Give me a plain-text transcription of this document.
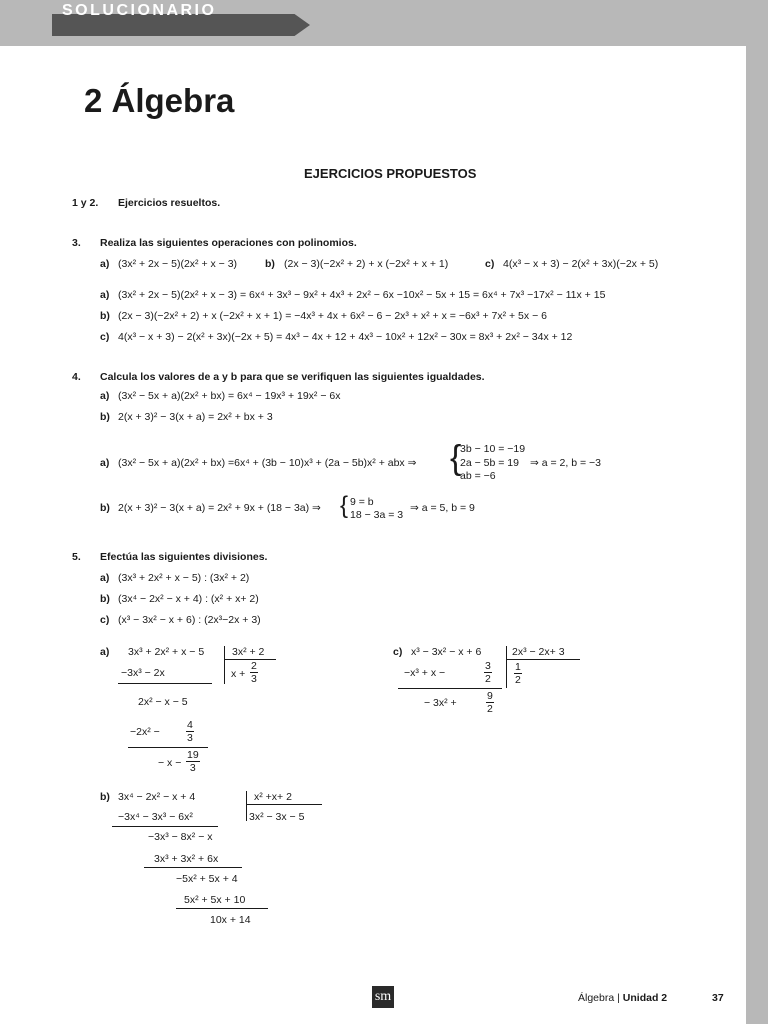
SOLUCIONARIO
2 Álgebra
EJERCICIOS PROPUESTOS
1 y 2. Ejercicios resueltos.
3. Realiza las siguientes operaciones con polinomios.
a) (3x² + 2x − 5)(2x² + x − 3)	b) (2x − 3)(−2x² + 2) + x (−2x² + x + 1)	c) 4(x³ − x + 3) − 2(x² + 3x)(−2x + 5)
a) (3x² + 2x − 5)(2x² + x − 3) = 6x⁴ + 3x³ − 9x² + 4x³ + 2x² − 6x −10x² − 5x + 15 = 6x⁴ + 7x³ −17x² − 11x + 15
b) (2x − 3)(−2x² + 2) + x (−2x² + x + 1) = −4x³ + 4x + 6x² − 6 − 2x³ + x² + x = −6x³ + 7x² + 5x − 6
c) 4(x³ − x + 3) − 2(x² + 3x)(−2x + 5) = 4x³ − 4x + 12 + 4x³ − 10x² + 12x² − 30x = 8x³ + 2x² − 34x + 12
4. Calcula los valores de a y b para que se verifiquen las siguientes igualdades.
a) (3x² − 5x + a)(2x² + bx) = 6x⁴ − 19x³ + 19x² − 6x
b) 2(x + 3)² − 3(x + a) = 2x² + bx + 3
a) (3x² − 5x + a)(2x² + bx) =6x⁴ + (3b − 10)x³ + (2a − 5b)x² + abx ⇒ {
3b − 10 = −19
2a − 5b = 19
ab = −6
⇒ a = 2, b = −3
b) 2(x + 3)² − 3(x + a) = 2x² + 9x + (18 − 3a) ⇒ { 9 = b
18 − 3a = 3
⇒ a = 5, b = 9
5. Efectúa las siguientes divisiones.
a) (3x³ + 2x² + x − 5) : (3x² + 2)
b) (3x⁴ − 2x² − x + 4) : (x² + x+ 2)
c) (x³ − 3x² − x + 6) : (2x³−2x + 3)
a) 3x³ + 2x² + x − 5	3x² + 2
$x + \frac{2}{3}$
−3x³ − 2x
2x² − x − 5
$-2x^2 - \frac{4}{3}$
− $x - \frac{19}{3}$
c) x³ − 3x² − x + 6	2x³ − 2x+ 3
$\frac{1}{2}$
−x³ + x −	$\frac{3}{2}$
− 3x² +	$\frac{9}{2}$
b) 3x⁴ − 2x² − x + 4	x² +x+ 2
3x² − 3x − 5
−3x⁴ − 3x³ − 6x²
−3x³ − 8x² − x
3x³ + 3x² + 6x
−5x² + 5x + 4
5x² + 5x + 10
10x + 14
sm	Álgebra | Unidad 2	37
